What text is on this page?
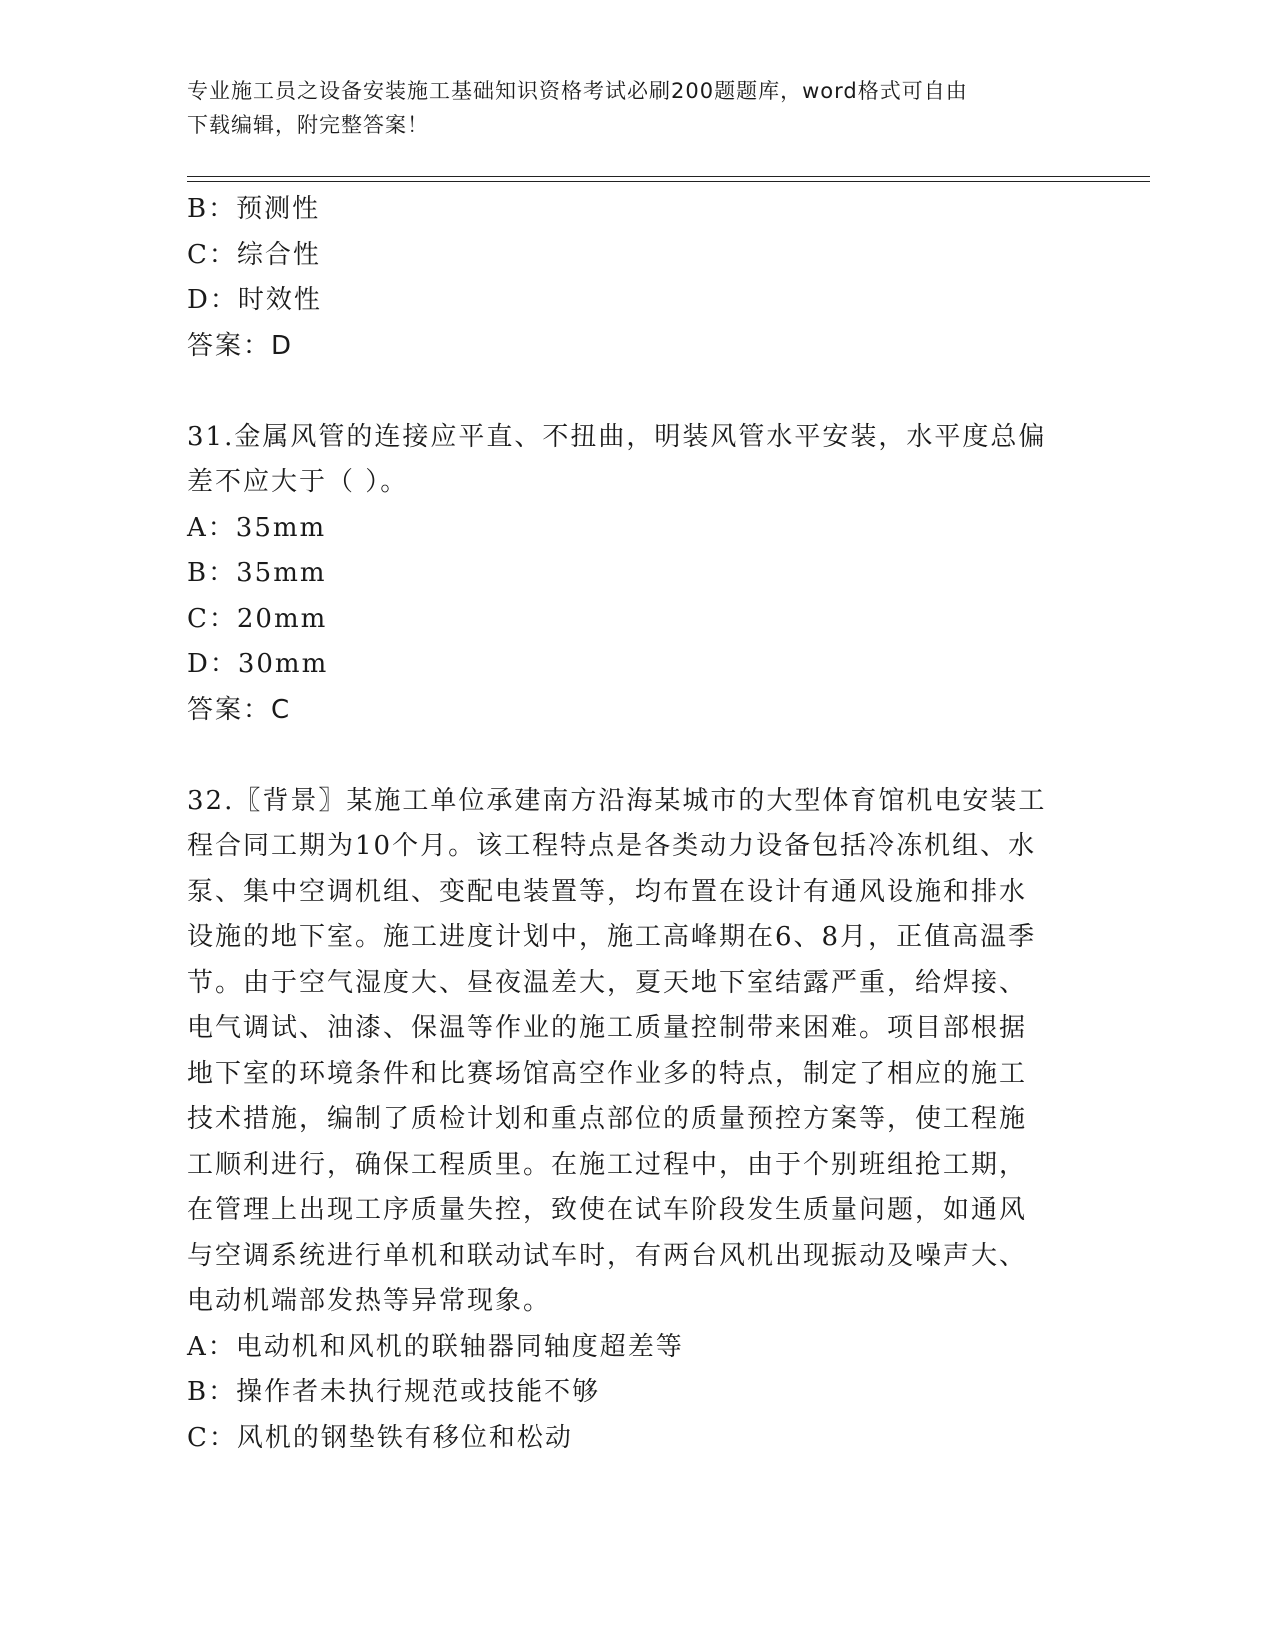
专业施工员之设备安装施工基础知识资格考试必刷200题题库，word格式可自由
下载编辑，附完整答案！
B：预测性
C：综合性
D：时效性
答案：D
31.金属风管的连接应平直、不扭曲，明装风管水平安装，水平度总偏
差不应大于（ ）。
A：35mm
B：35mm
C：20mm
D：30mm
答案：C
32.〖背景〗某施工单位承建南方沿海某城市的大型体育馆机电安装工
程合同工期为10个月。该工程特点是各类动力设备包括冷冻机组、水
泵、集中空调机组、变配电装置等，均布置在设计有通风设施和排水
设施的地下室。施工进度计划中，施工高峰期在6、8月，正值高温季
节。由于空气湿度大、昼夜温差大，夏天地下室结露严重，给焊接、
电气调试、油漆、保温等作业的施工质量控制带来困难。项目部根据
地下室的环境条件和比赛场馆高空作业多的特点，制定了相应的施工
技术措施，编制了质检计划和重点部位的质量预控方案等，使工程施
工顺利进行，确保工程质里。在施工过程中，由于个别班组抢工期，
在管理上出现工序质量失控，致使在试车阶段发生质量问题，如通风
与空调系统进行单机和联动试车时，有两台风机出现振动及噪声大、
电动机端部发热等异常现象。
A：电动机和风机的联轴器同轴度超差等
B：操作者未执行规范或技能不够
C：风机的钢垫铁有移位和松动
